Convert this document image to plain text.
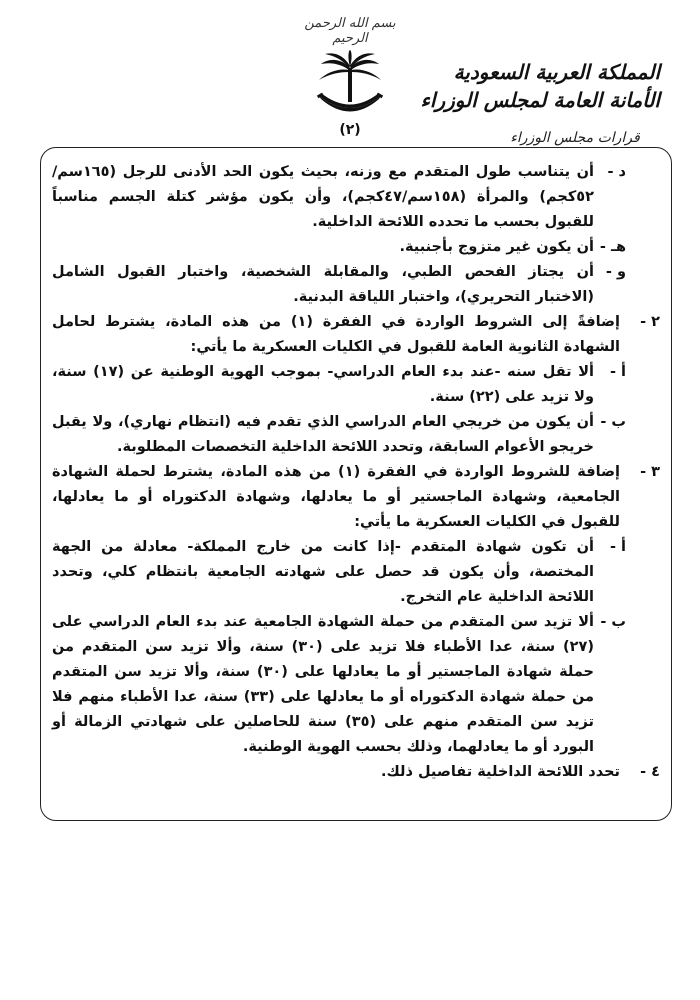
بسم الله الرحمن الرحيم
(٢)
المملكة العربية السعودية
الأمانة العامة لمجلس الوزراء
قرارات مجلس الوزراء
د -
أن يتناسب طول المتقدم مع وزنه، بحيث يكون الحد الأدنى للرجل (١٦٥سم/٥٢كجم) والمرأة (١٥٨سم/٤٧كجم)، وأن يكون مؤشر كتلة الجسم مناسباً للقبول بحسب ما تحدده اللائحة الداخلية.
هـ -
أن يكون غير متزوج بأجنبية.
و -
أن يجتاز الفحص الطبي، والمقابلة الشخصية، واختبار القبول الشامل (الاختبار التحريري)، واختبار اللياقة البدنية.
٢ -
إضافةً إلى الشروط الواردة في الفقرة (١) من هذه المادة، يشترط لحامل الشهادة الثانوية العامة للقبول في الكليات العسكرية ما يأتي:
أ -
ألا تقل سنه -عند بدء العام الدراسي- بموجب الهوية الوطنية عن (١٧) سنة، ولا تزيد على (٢٢) سنة.
ب -
أن يكون من خريجي العام الدراسي الذي تقدم فيه (انتظام نهاري)، ولا يقبل خريجو الأعوام السابقة، وتحدد اللائحة الداخلية التخصصات المطلوبة.
٣ -
إضافة للشروط الواردة في الفقرة (١) من هذه المادة، يشترط لحملة الشهادة الجامعية، وشهادة الماجستير أو ما يعادلها، وشهادة الدكتوراه أو ما يعادلها، للقبول في الكليات العسكرية ما يأتي:
أ -
أن تكون شهادة المتقدم -إذا كانت من خارج المملكة- معادلة من الجهة المختصة، وأن يكون قد حصل على شهادته الجامعية بانتظام كلي، وتحدد اللائحة الداخلية عام التخرج.
ب -
ألا تزيد سن المتقدم من حملة الشهادة الجامعية عند بدء العام الدراسي على (٢٧) سنة، عدا الأطباء فلا تزيد على (٣٠) سنة، وألا تزيد سن المتقدم من حملة شهادة الماجستير أو ما يعادلها على (٣٠) سنة، وألا تزيد سن المتقدم من حملة شهادة الدكتوراه أو ما يعادلها على (٣٣) سنة، عدا الأطباء منهم فلا تزيد سن المتقدم منهم على (٣٥) سنة للحاصلين على شهادتي الزمالة أو البورد أو ما يعادلهما، وذلك بحسب الهوية الوطنية.
٤ -
تحدد اللائحة الداخلية تفاصيل ذلك.
